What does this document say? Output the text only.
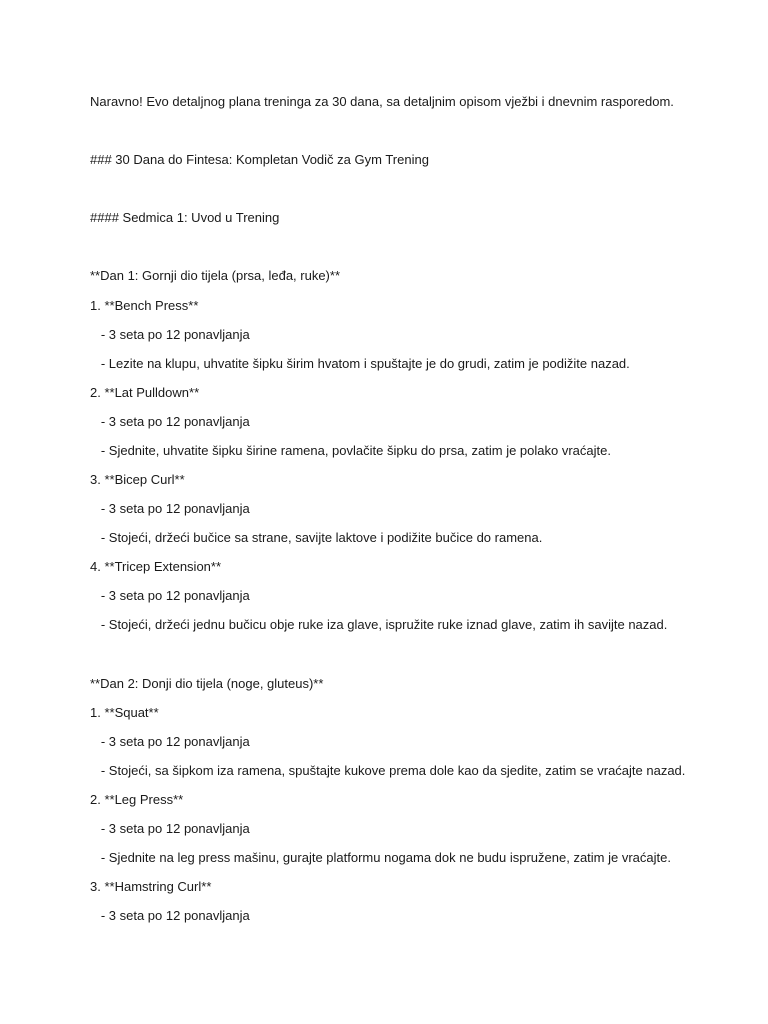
Naravno! Evo detaljnog plana treninga za 30 dana, sa detaljnim opisom vježbi i dnevnim rasporedom.
### 30 Dana do Fintesa: Kompletan Vodič za Gym Trening
#### Sedmica 1: Uvod u Trening
**Dan 1: Gornji dio tijela (prsa, leđa, ruke)**
1. **Bench Press**
- 3 seta po 12 ponavljanja
- Lezite na klupu, uhvatite šipku širim hvatom i spuštajte je do grudi, zatim je podižite nazad.
2. **Lat Pulldown**
- 3 seta po 12 ponavljanja
- Sjednite, uhvatite šipku širine ramena, povlačite šipku do prsa, zatim je polako vraćajte.
3. **Bicep Curl**
- 3 seta po 12 ponavljanja
- Stojeći, držeći bučice sa strane, savijte laktove i podižite bučice do ramena.
4. **Tricep Extension**
- 3 seta po 12 ponavljanja
- Stojeći, držeći jednu bučicu obje ruke iza glave, ispružite ruke iznad glave, zatim ih savijte nazad.
**Dan 2: Donji dio tijela (noge, gluteus)**
1. **Squat**
- 3 seta po 12 ponavljanja
- Stojeći, sa šipkom iza ramena, spuštajte kukove prema dole kao da sjedite, zatim se vraćajte nazad.
2. **Leg Press**
- 3 seta po 12 ponavljanja
- Sjednite na leg press mašinu, gurajte platformu nogama dok ne budu ispružene, zatim je vraćajte.
3. **Hamstring Curl**
- 3 seta po 12 ponavljanja
